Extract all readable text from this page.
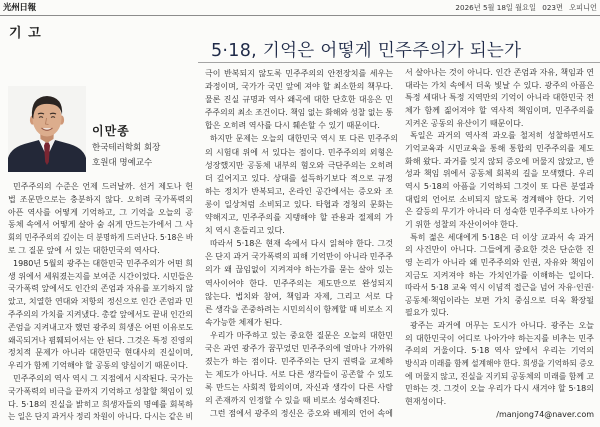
光州日報	2026년 5월 18일 월요일 023면 오피니언
기 고
5·18, 기억은 어떻게 민주주의가 되는가
이만종
한국테러학회 회장
호원대 명예교수
민주주의의 수준은 언제 드러날까. 선거 제도나 헌
법 조문만으로는 충분하지 않다. 오히려 국가폭력의
아픈 역사를 어떻게 기억하고, 그 기억을 오늘의 공
동체 속에서 어떻게 살아 숨 쉬게 만드는가에서 그 사
회의 민주주의의 깊이는 더 분명하게 드러난다. 5·18은 바
로 그 질문 앞에 서 있는 대한민국의 역사다.
1980년 5월의 광주는 대한민국 민주주의가 어떤 희
생 위에서 세워졌는지를 보여준 시간이었다. 시민들은
국가폭력 앞에서도 인간의 존엄과 자유를 포기하지 않
았고, 치열한 연대와 저항의 정신으로 인간 존엄과 민
주주의의 가치를 지켜냈다. 총칼 앞에서도 끝내 인간의
존엄을 지켜내고자 했던 광주의 희생은 어떤 이유로도
왜곡되거나 폄훼되어서는 안 된다. 그것은 특정 진영의
정치적 문제가 아니라 대한민국 현대사의 진실이며,
우리가 함께 기억해야 할 공동의 양심이기 때문이다.
민주주의의 역사 역시 그 지점에서 시작된다. 국가는
국가폭력의 비극을 끝까지 기억하고 성찰할 책임이 있
다. 5·18의 진실을 밝히고 희생자들의 명예를 회복하
는 일은 단지 과거사 정리 차원이 아니다. 다시는 같은 비
극이 반복되지 않도록 민주주의의 안전장치를 세우는
과정이며, 국가가 국민 앞에 져야 할 최소한의 책무다.
물론 진실 규명과 역사 왜곡에 대한 단호한 대응은 민
주주의의 최소 조건이다. 책임 없는 화해와 성찰 없는 통
합은 오히려 역사를 다시 훼손할 수 있기 때문이다.
하지만 문제는 오늘의 대한민국 역시 또 다른 민주주의
의 시험대 위에 서 있다는 점이다. 민주주의의 외형은
성장했지만 공동체 내부의 혐오와 극단주의는 오히려
더 깊어지고 있다. 상대를 설득하기보다 적으로 규정
하는 정치가 반복되고, 온라인 공간에서는 증오와 조
롱이 일상처럼 소비되고 있다. 타협과 경청의 문화는
약해지고, 민주주의를 지탱해야 할 관용과 절제의 가
치 역시 흔들리고 있다.
따라서 5·18은 현재 속에서 다시 읽혀야 한다. 그것
은 단지 과거 국가폭력의 피해 기억만이 아니라 민주주
의가 왜 끊임없이 지켜져야 하는가를 묻는 살아 있는
역사이어야 한다. 민주주의는 제도만으로 완성되지
않는다. 법치와 참여, 책임과 자제, 그리고 서로 다
른 생각을 존중하려는 시민의식이 함께할 때 비로소 지
속가능한 체제가 된다.
우리가 마주하고 있는 중요한 질문은 오늘의 대한민
국은 과연 광주가 꿈꾸었던 민주주의에 얼마나 가까워
졌는가 하는 점이다. 민주주의는 단지 권력을 교체하
는 제도가 아니다. 서로 다른 생각들이 공존할 수 있도
록 만드는 사회적 합의이며, 자신과 생각이 다른 사람
의 존재까지 인정할 수 있을 때 비로소 성숙해진다.
그런 점에서 광주의 정신은 증오와 배제의 언어 속에
서 살아나는 것이 아니다. 인간 존엄과 자유, 책임과 연
대라는 가치 속에서 더욱 빛날 수 있다. 광주의 아픔은
특정 세대나 특정 지역만의 기억이 아니라 대한민국 전
체가 함께 짊어져야 할 역사적 책임이며, 민주주의를
지켜온 공동의 유산이기 때문이다.
독일은 과거의 역사적 과오를 철저히 성찰하면서도
기억교육과 시민교육을 통해 통합의 민주주의를 제도
화해 왔다. 과거를 잊지 않되 증오에 머물지 않았고, 반
성과 책임 위에서 공동체 회복의 길을 모색했다. 우리
역시 5·18의 아픔을 기억하되 그것이 또 다른 분열과
대립의 언어로 소비되지 않도록 경계해야 한다. 기억
은 갈등의 무기가 아니라 더 성숙한 민주주의로 나아가
기 위한 성찰의 자산이어야 한다.
특히 젊은 세대에게 5·18은 더 이상 교과서 속 과거
의 사건만이 아니다. 그들에게 중요한 것은 단순한 진
영 논리가 아니라 왜 민주주의와 인권, 자유와 책임이
지금도 지켜져야 하는 가치인가를 이해하는 일이다.
따라서 5·18 교육 역시 이념적 접근을 넘어 자유·인권·
공동체·책임이라는 보편 가치 중심으로 더욱 확장될
필요가 있다.
광주는 과거에 머무는 도시가 아니다. 광주는 오늘
의 대한민국이 어디로 나아가야 하는지를 비추는 민주
주의의 거울이다. 5·18 역사 앞에서 우리는 기억의
방식과 미래를 함께 설계해야 한다. 희생을 기억하되 증오
에 머물지 않고, 진실을 지키되 공동체의 미래를 함께 고
민하는 것. 그것이 오늘 우리가 다시 새겨야 할 5·18의
현재성이다.
/manjong74@naver.com
